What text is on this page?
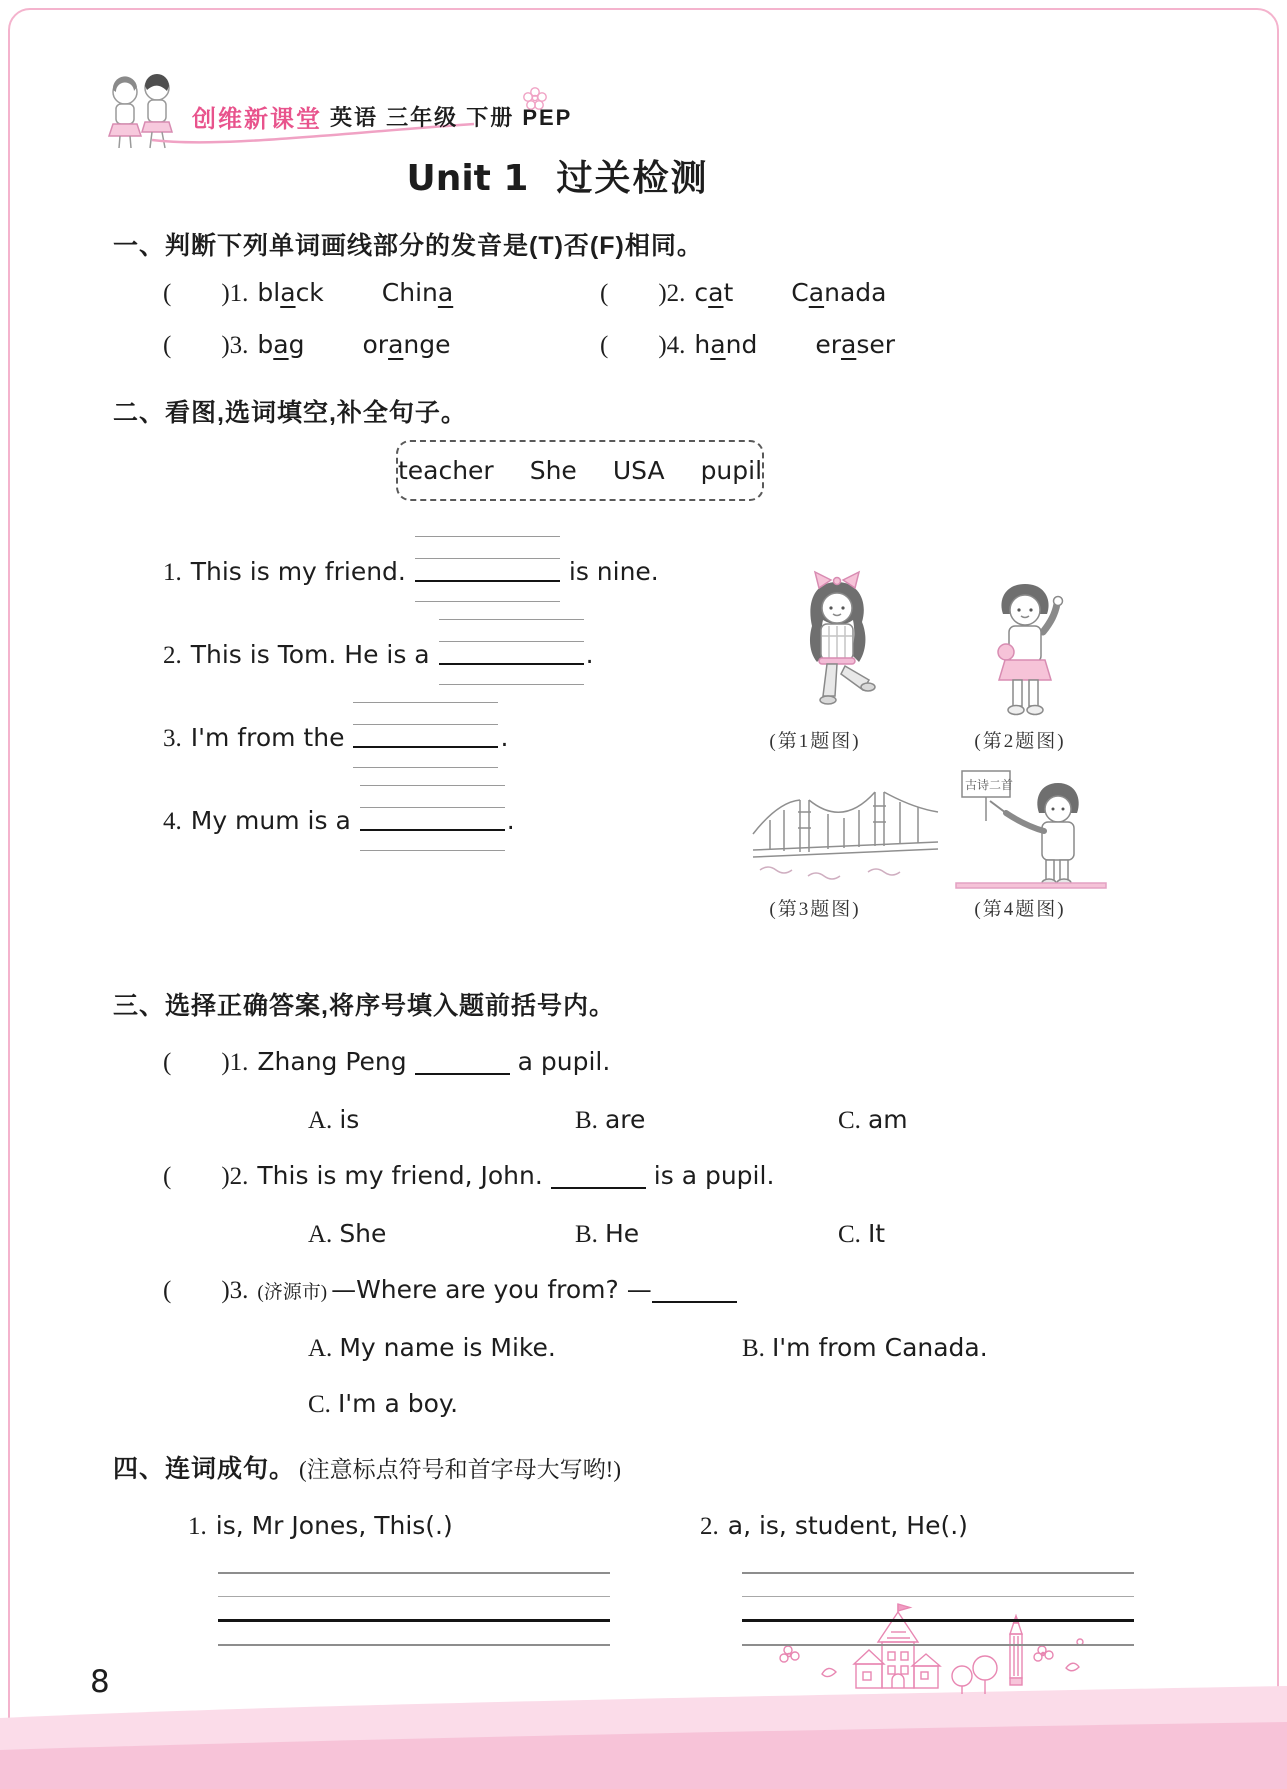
创维新课堂 英语 三年级 下册 PEP
Unit 1 过关检测
一、判断下列单词画线部分的发音是(T)否(F)相同。
( )1. black China	( )2. cat Canada
( )3. bag orange	( )4. hand eraser
二、看图,选词填空,补全句子。
teacher She USA pupil
1. This is my friend.	is nine.
2. This is Tom. He is a	.
3. I'm from the	.
4. My mum is a	.
(第1题图)	(第2题图)
(第3题图)
古诗二首
(第4题图)
三、选择正确答案,将序号填入题前括号内。
( )1. Zhang Peng	a pupil.
A. is	B. are	C. am
( )2. This is my friend, John.	is a pupil.
A. She	B. He	C. It
( )3. (济源市) —Where are you from? —
A. My name is Mike.	B. I'm from Canada.
C. I'm a boy.
四、连词成句。 (注意标点符号和首字母大写哟!)
1. is, Mr Jones, This(.)	2. a, is, student, He(.)
8
